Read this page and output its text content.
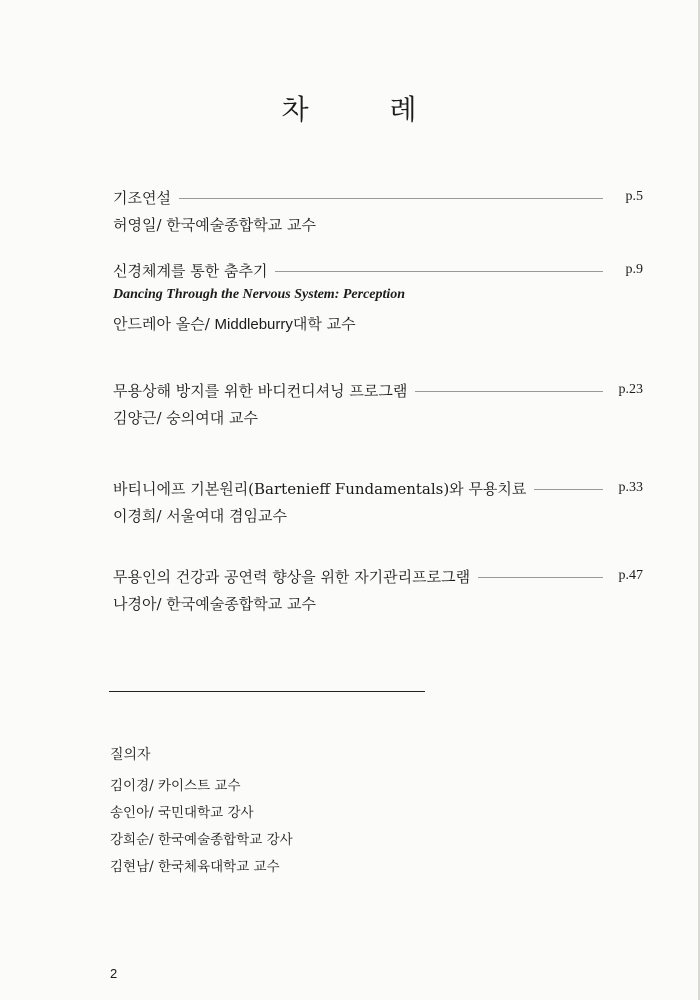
차 례
기조연설	p.5
허영일/ 한국예술종합학교 교수
신경체계를 통한 춤추기	p.9
Dancing Through the Nervous System: Perception
안드레아 올슨/ Middleburry대학 교수
무용상해 방지를 위한 바디컨디셔닝 프로그램	p.23
김양근/ 숭의여대 교수
바티니에프 기본원리(Bartenieff Fundamentals)와 무용치료	p.33
이경희/ 서울여대 겸임교수
무용인의 건강과 공연력 향상을 위한 자기관리프로그램	p.47
나경아/ 한국예술종합학교 교수
질의자
김이경/ 카이스트 교수
송인아/ 국민대학교 강사
강희순/ 한국예술종합학교 강사
김현남/ 한국체육대학교 교수
2
